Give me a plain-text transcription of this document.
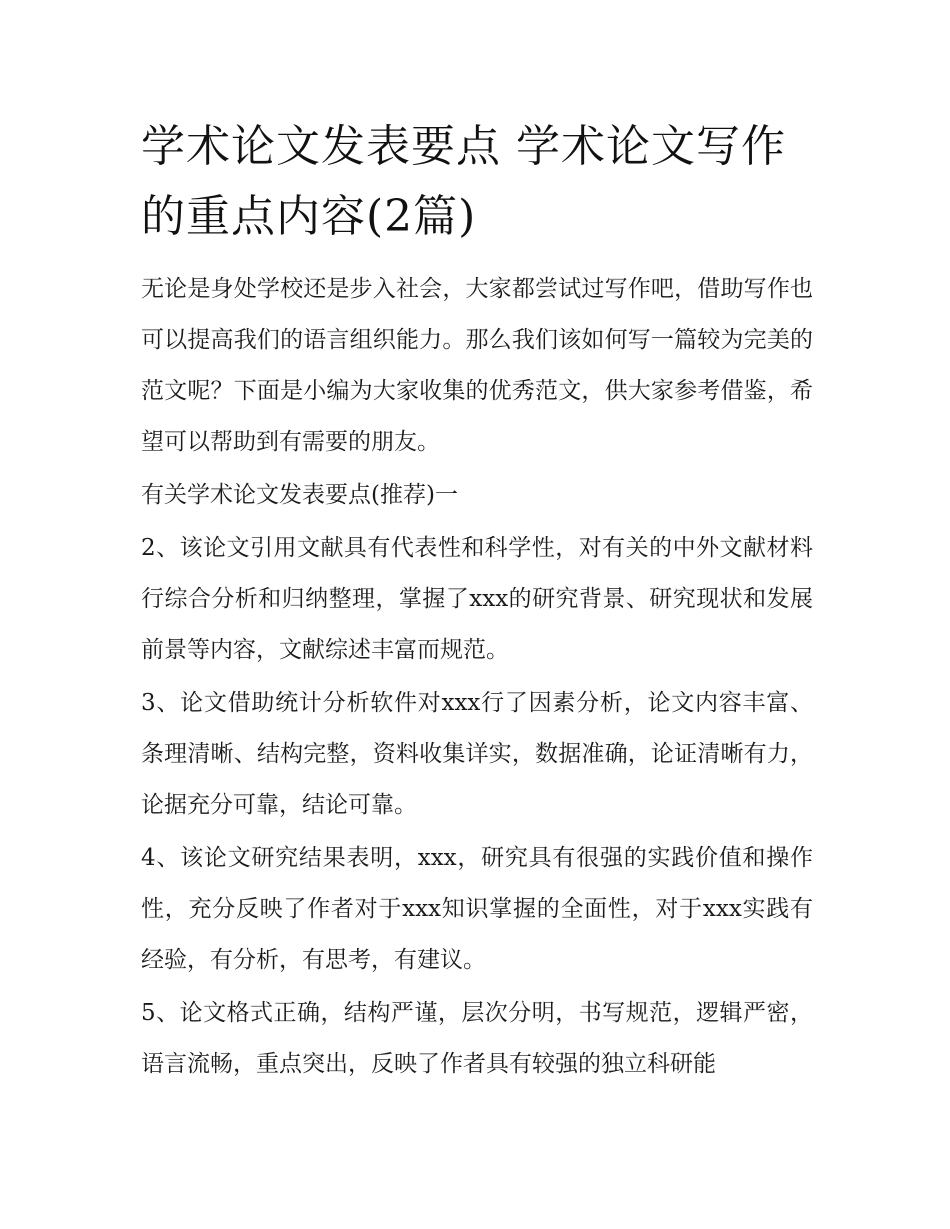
学术论文发表要点 学术论文写作的重点内容(2篇)

无论是身处学校还是步入社会，大家都尝试过写作吧，借助写作也可以提高我们的语言组织能力。那么我们该如何写一篇较为完美的范文呢？下面是小编为大家收集的优秀范文，供大家参考借鉴，希望可以帮助到有需要的朋友。

有关学术论文发表要点(推荐)一

2、该论文引用文献具有代表性和科学性，对有关的中外文献材料行综合分析和归纳整理，掌握了xxx的研究背景、研究现状和发展前景等内容，文献综述丰富而规范。

3、论文借助统计分析软件对xxx行了因素分析，论文内容丰富、条理清晰、结构完整，资料收集详实，数据准确，论证清晰有力，论据充分可靠，结论可靠。

4、该论文研究结果表明，xxx，研究具有很强的实践价值和操作性，充分反映了作者对于xxx知识掌握的全面性，对于xxx实践有经验，有分析，有思考，有建议。

5、论文格式正确，结构严谨，层次分明，书写规范，逻辑严密，语言流畅，重点突出，反映了作者具有较强的独立科研能
